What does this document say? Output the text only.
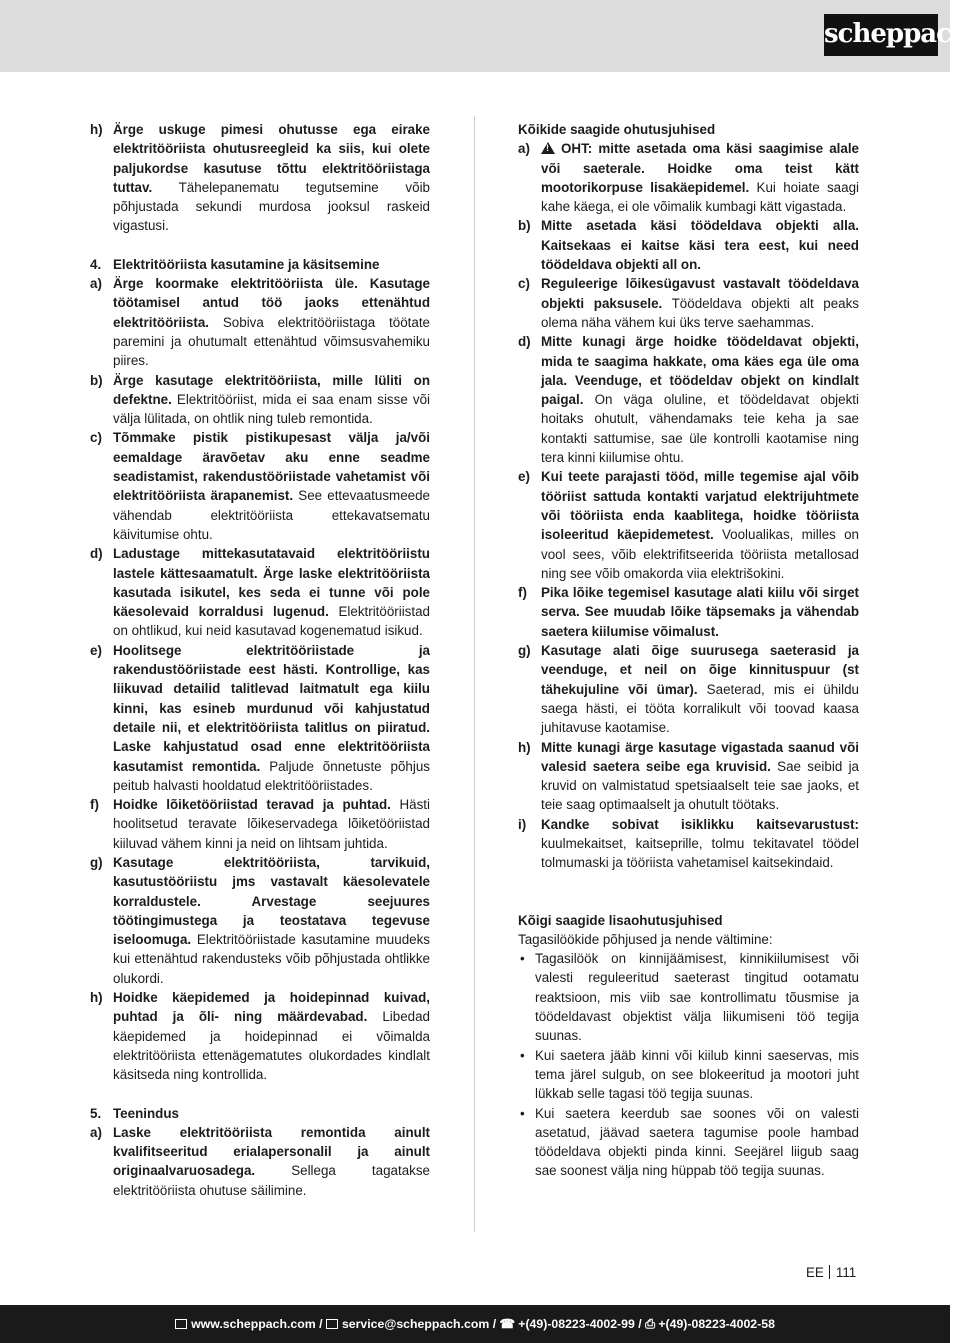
scheppach
h) Ärge uskuge pimesi ohutusse ega eirake elektritööriista ohutusreegleid ka siis, kui olete paljukordse kasutuse tõttu elektritööriistaga tuttav. Tähelepanematu tegutsemine võib põhjustada sekundi murdosa jooksul raskeid vigastusi.
4. Elektritööriista kasutamine ja käsitsemine
a) Ärge koormake elektritööriista üle. Kasutage töötamisel antud töö jaoks ettenähtud elektritööriista. Sobiva elektritööriistaga töötate paremini ja ohutumalt ettenähtud võimsusvahemiku piires.
b) Ärge kasutage elektritööriista, mille lüliti on defektne. Elektritööriist, mida ei saa enam sisse või välja lülitada, on ohtlik ning tuleb remontida.
c) Tõmmake pistik pistikupesast välja ja/või eemaldage äravõetav aku enne seadme seadistamist, rakendustööriistade vahetamist või elektritööriista ärapanemist. See ettevaatusmeede vähendab elektritööriista ettekavatsematu käivitumise ohtu.
d) Ladustage mittekasutatavaid elektritööriistu lastele kättesaamatult. Ärge laske elektritööriista kasutada isikutel, kes seda ei tunne või pole käesolevaid korraldusi lugenud. Elektritööriistad on ohtlikud, kui neid kasutavad kogenematud isikud.
e) Hoolitsege elektritööriistade ja rakendustööriistade eest hästi. Kontrollige, kas liikuvad detailid talitlevad laitmatult ega kiilu kinni, kas esineb murdunud või kahjustatud detaile nii, et elektritööriista talitlus on piiratud. Laske kahjustatud osad enne elektritööriista kasutamist remontida. Paljude õnnetuste põhjus peitub halvasti hooldatud elektritööriistades.
f)	Hoidke lõiketööriistad teravad ja puhtad. Hästi hoolitsetud teravate lõikeservadega lõiketööriistad kiiluvad vähem kinni ja neid on lihtsam juhtida.
g) Kasutage elektritööriista, tarvikuid, kasutustööriistu jms vastavalt käesolevatele korraldustele. Arvestage seejuures töötingimustega ja teostatava tegevuse iseloomuga. Elektritööriistade kasutamine muudeks kui ettenähtud rakendusteks võib põhjustada ohtlikke olukordi.
h) Hoidke käepidemed ja hoidepinnad kuivad, puhtad ja õli- ning määrdevabad. Libedad käepidemed ja hoidepinnad ei võimalda elektritööriista ettenägematutes olukordades kindlalt käsitseda ning kontrollida.
5. Teenindus
a) Laske elektritööriista remontida ainult kvalifitseeritud erialapersonalil ja ainult originaalvaruosadega. Sellega tagatakse elektritööriista ohutuse säilimine.
Kõikide saagide ohutusjuhised
a)
!	OHT: mitte asetada oma käsi saagimise alale või saeterale. Hoidke oma teist kätt mootorikorpuse lisakäepidemel. Kui hoiate saagi kahe käega, ei ole võimalik kumbagi kätt vigastada.
b) Mitte asetada käsi töödeldava objekti alla. Kaitsekaas ei kaitse käsi tera eest, kui need töödeldava objekti all on.
c) Reguleerige lõikesügavust vastavalt töödeldava objekti paksusele. Töödeldava objekti alt peaks olema näha vähem kui üks terve saehammas.
d) Mitte kunagi ärge hoidke töödeldavat objekti, mida te saagima hakkate, oma käes ega üle oma jala. Veenduge, et töödeldav objekt on kindlalt paigal. On väga oluline, et töödeldavat objekti hoitaks ohutult, vähendamaks teie keha ja sae kontakti sattumise, sae üle kontrolli kaotamise ning tera kinni kiilumise ohtu.
e) Kui teete parajasti tööd, mille tegemise ajal võib tööriist sattuda kontakti varjatud elektrijuhtmete või tööriista enda kaablitega, hoidke tööriista isoleeritud käepidemetest. Voolualikas, milles on vool sees, võib elektrifitseerida tööriista metallosad ning see võib omakorda viia elektrišokini.
f)	Pika lõike tegemisel kasutage alati kiilu või sirget serva. See muudab lõike täpsemaks ja vähendab saetera kiilumise võimalust.
g) Kasutage alati õige suurusega saeterasid ja veenduge, et neil on õige kinnituspuur (st tähekujuline või ümar). Saeterad, mis ei ühildu saega hästi, ei tööta korralikult või toovad kaasa juhitavuse kaotamise.
h) Mitte kunagi ärge kasutage vigastada saanud või valesid saetera seibe ega kruvisid. Sae seibid ja kruvid on valmistatud spetsiaalselt teie sae jaoks, et teie saag optimaalselt ja ohutult töötaks.
i)	Kandke sobivat isiklikku kaitsevarustust: kuulmekaitset, kaitseprille, tolmu tekitavatel töödel tolmumaski ja tööriista vahetamisel kaitsekindaid.
Kõigi saagide lisaohutusjuhised
Tagasilöökide põhjused ja nende vältimine:
• Tagasilöök on kinnijäämisest, kinnikiilumisest või valesti reguleeritud saeterast tingitud ootamatu reaktsioon, mis viib sae kontrollimatu tõusmise ja töödeldavast objektist välja liikumiseni töö tegija suunas.
• Kui saetera jääb kinni või kiilub kinni saeservas, mis tema järel sulgub, on see blokeeritud ja mootori juht lükkab selle tagasi töö tegija suunas.
• Kui saetera keerdub sae soones või on valesti asetatud, jäävad saetera tagumise poole hambad töödeldava objekti pinda kinni. Seejärel liigub saag sae soonest välja ning hüppab töö tegija suunas.
EE 111
www.scheppach.com / service@scheppach.com / ☎ +(49)-08223-4002-99 / ⎙ +(49)-08223-4002-58
